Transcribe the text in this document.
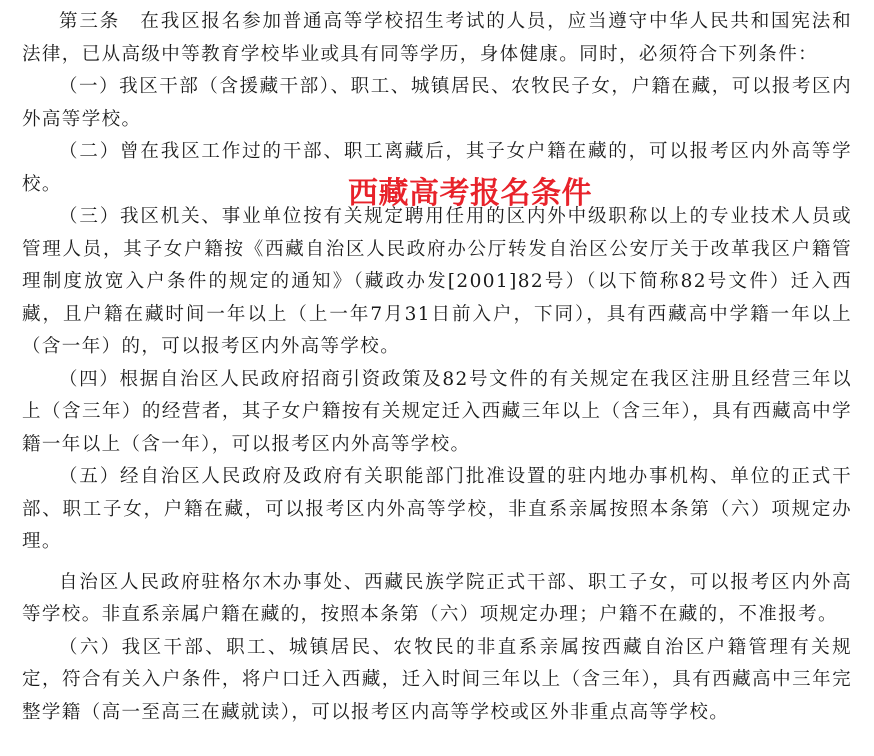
第三条　在我区报名参加普通高等学校招生考试的人员，应当遵守中华人民共和国宪法和法律，已从高级中等教育学校毕业或具有同等学历，身体健康。同时，必须符合下列条件：

（一）我区干部（含援藏干部）、职工、城镇居民、农牧民子女，户籍在藏，可以报考区内外高等学校。

（二）曾在我区工作过的干部、职工离藏后，其子女户籍在藏的，可以报考区内外高等学校。

（三）我区机关、事业单位按有关规定聘用任用的区内外中级职称以上的专业技术人员或管理人员，其子女户籍按《西藏自治区人民政府办公厅转发自治区公安厅关于改革我区户籍管理制度放宽入户条件的规定的通知》（藏政办发[2001]82号）（以下简称82号文件）迁入西藏，且户籍在藏时间一年以上（上一年7月31日前入户，下同），具有西藏高中学籍一年以上（含一年）的，可以报考区内外高等学校。

（四）根据自治区人民政府招商引资政策及82号文件的有关规定在我区注册且经营三年以上（含三年）的经营者，其子女户籍按有关规定迁入西藏三年以上（含三年），具有西藏高中学籍一年以上（含一年），可以报考区内外高等学校。

（五）经自治区人民政府及政府有关职能部门批准设置的驻内地办事机构、单位的正式干部、职工子女，户籍在藏，可以报考区内外高等学校，非直系亲属按照本条第（六）项规定办理。

自治区人民政府驻格尔木办事处、西藏民族学院正式干部、职工子女，可以报考区内外高等学校。非直系亲属户籍在藏的，按照本条第（六）项规定办理；户籍不在藏的，不准报考。

（六）我区干部、职工、城镇居民、农牧民的非直系亲属按西藏自治区户籍管理有关规定，符合有关入户条件，将户口迁入西藏，迁入时间三年以上（含三年），具有西藏高中三年完整学籍（高一至高三在藏就读），可以报考区内高等学校或区外非重点高等学校。

西藏高考报名条件
